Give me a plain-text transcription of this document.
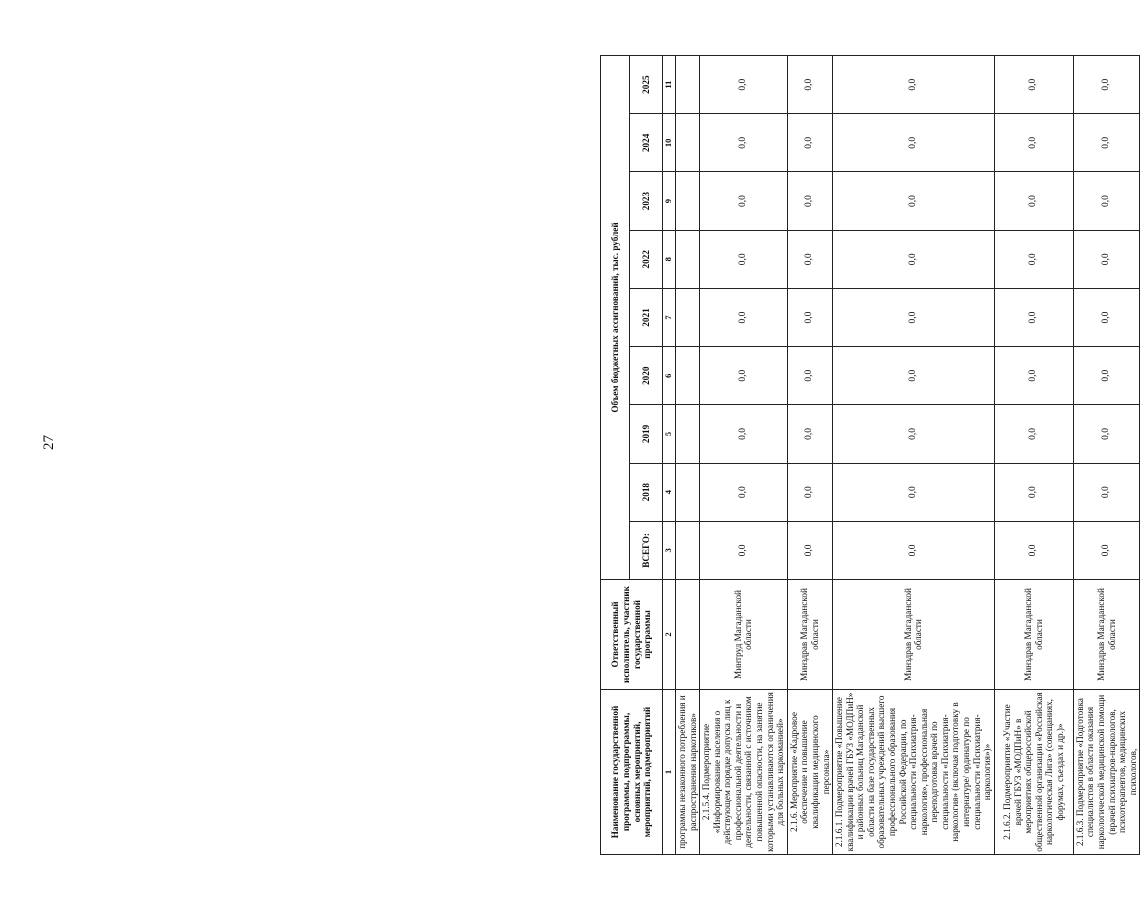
27
Наименование государственной программы, подпрограммы, основных мероприятий, мероприятий, подмероприятий	Ответственный исполнитель, участник государственной программы	Объем бюджетных ассигнований, тыс. рублей								
		ВСЕГО:	2018	2019	2020	2021	2022	2023	2024	2025
1	2	3	4	5	6	7	8	9	10	11
программы незаконного потребления и распространения наркотиков»										
2.1.5.4. Подмероприятие «Информирование населения о действующем порядке допуска лиц к профессиональной деятельности и деятельности, связанной с источником повышенной опасности, на занятие которыми устанавливаются ограничения для больных наркоманией»	Минтруд Магаданской области	0,0	0,0	0,0	0,0	0,0	0,0	0,0	0,0	0,0
2.1.6. Мероприятие «Кадровое обеспечение и повышение квалификации медицинского персонала»	Минздрав Магаданской области	0,0	0,0	0,0	0,0	0,0	0,0	0,0	0,0	0,0
2.1.6.1. Подмероприятие «Повышение квалификации врачей ГБУЗ «МОДПиН» и районных больниц Магаданской области на базе государственных образовательных учреждений высшего профессионального образования Российской Федерации, по специальности «Психиатрия-наркология», профессиональная переподготовка врачей по специальности «Психиатрия-наркология» (включая подготовку в интернатуре/ ординатуре по специальности «Психиатрия-наркология»)»	Минздрав Магаданской области	0,0	0,0	0,0	0,0	0,0	0,0	0,0	0,0	0,0
2.1.6.2. Подмероприятие «Участие врачей ГБУЗ «МОДПиН» в мероприятиях общероссийской общественной организации «Российская наркологическая Лига» (совещаниях, форумах, съездах и др.)»	Минздрав Магаданской области	0,0	0,0	0,0	0,0	0,0	0,0	0,0	0,0	0,0
2.1.6.3. Подмероприятие «Подготовка специалистов в области оказания наркологической медицинской помощи (врачей психиатров-наркологов, психотерапевтов, медицинских психологов,	Минздрав Магаданской области	0,0	0,0	0,0	0,0	0,0	0,0	0,0	0,0	0,0
